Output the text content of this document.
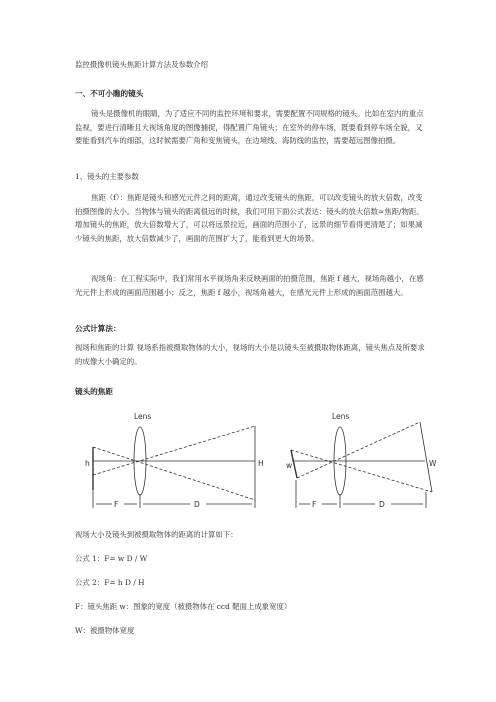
监控摄像机镜头焦距计算方法及参数介绍
一、不可小瞧的镜头
镜头是摄像机的眼睛，为了适应不同的监控环境和要求，需要配置不同规格的镜头。比如在室内的重点监视，要进行清晰且大视场角度的图像捕捉，得配置广角镜头；在室外的停车场，既要看到停车场全貌，又要能看到汽车的细部，这时候需要广角和变焦镜头，在边境线、海防线的监控，需要超远图像拍摄。
1、镜头的主要参数
焦距（f）：焦距是镜头和感光元件之间的距离，通过改变镜头的焦距，可以改变镜头的放大倍数，改变拍摄图像的大小。当物体与镜头的距离很远的时候，我们可用下面公式表达：镜头的放大倍数≈焦距/物距。增加镜头的焦距，放大倍数增大了，可以将远景拉近，画面的范围小了，远景的细节看得更清楚了；如果减少镜头的焦距，放大倍数减少了，画面的范围扩大了，能看到更大的场景。
视场角：在工程实际中，我们常用水平视场角来反映画面的拍摄范围，焦距 f 越大，视场角越小，在感光元件上形成的画面范围越小；反之，焦距 f 越小，视场角越大，在感光元件上形成的画面范围越大。
公式计算法：
视场和焦距的计算 视场系指被摄取物体的大小，视场的大小是以镜头至被摄取物体距离，镜头焦点及所要求的成像大小确定的。
镜头的焦距
Lens
h	H
F	D
Lens
w	W
F	D
视场大小及镜头到被摄取物体的距离的计算如下：
公式 1：F= w D / W
公式 2：F= h D / H
F：镜头焦距 w：图象的宽度（被摄物体在 ccd 靶面上成象宽度）
W：被摄物体宽度
